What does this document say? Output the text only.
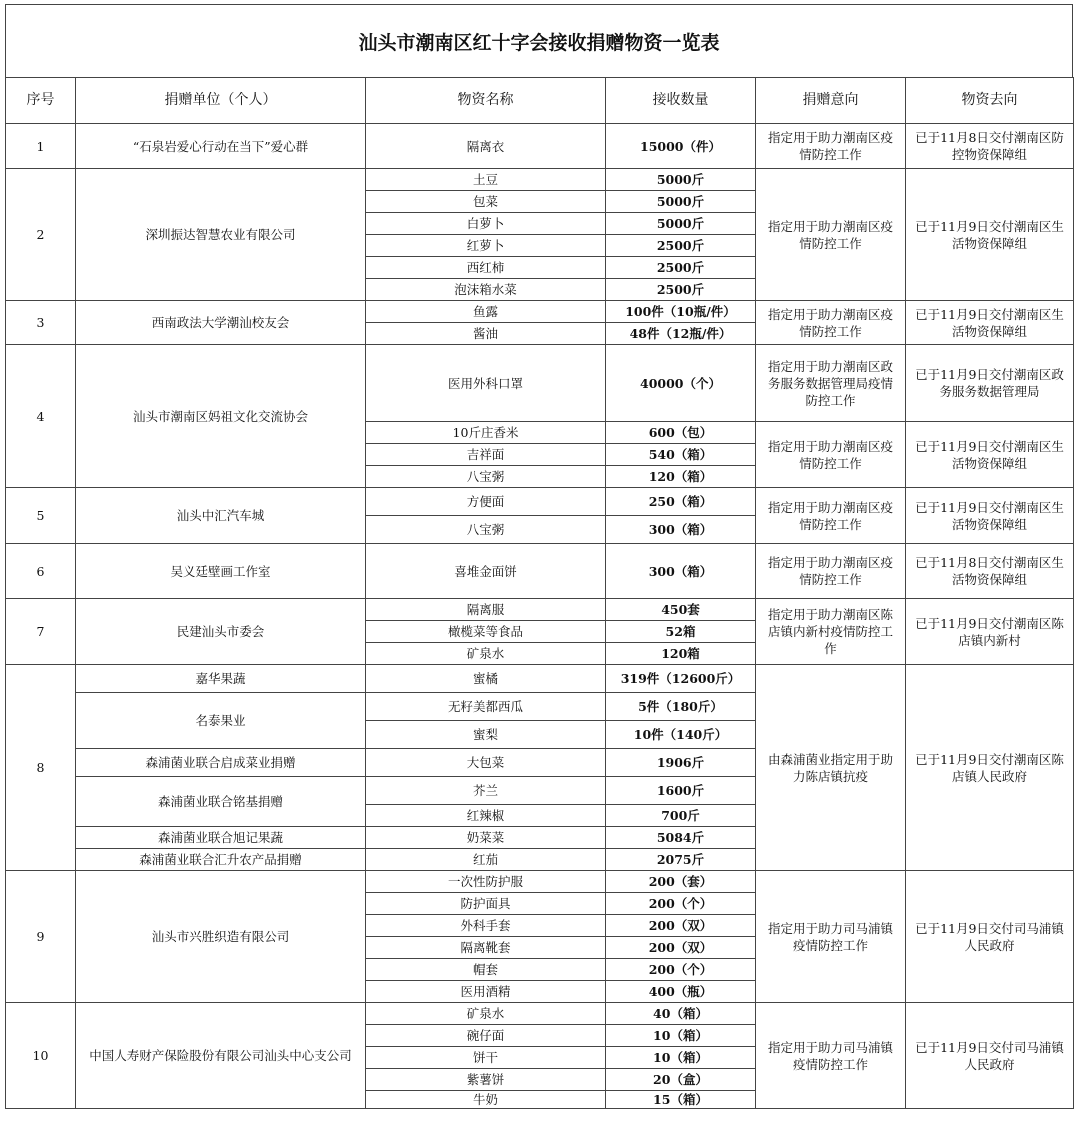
汕头市潮南区红十字会接收捐赠物资一览表
序号	捐赠单位（个人）	物资名称	接收数量	捐赠意向	物资去向
1	“石泉岩爱心行动在当下”爱心群	隔离衣	15000（件）	指定用于助力潮南区疫情防控工作	已于11月8日交付潮南区防控物资保障组
2	深圳振达智慧农业有限公司	土豆	5000斤	指定用于助力潮南区疫情防控工作	已于11月9日交付潮南区生活物资保障组
		包菜	5000斤		
		白萝卜	5000斤		
		红萝卜	2500斤		
		西红柿	2500斤		
		泡沫箱水菜	2500斤		
3	西南政法大学潮汕校友会	鱼露	100件（10瓶/件）	指定用于助力潮南区疫情防控工作	已于11月9日交付潮南区生活物资保障组
		酱油	48件（12瓶/件）		
4	汕头市潮南区妈祖文化交流协会	医用外科口罩	40000（个）	指定用于助力潮南区政务服务数据管理局疫情防控工作	已于11月9日交付潮南区政务服务数据管理局
		10斤庄香米	600（包）	指定用于助力潮南区疫情防控工作	已于11月9日交付潮南区生活物资保障组
		吉祥面	540（箱）		
		八宝粥	120（箱）		
5	汕头中汇汽车城	方便面	250（箱）	指定用于助力潮南区疫情防控工作	已于11月9日交付潮南区生活物资保障组
		八宝粥	300（箱）		
6	吴义廷壁画工作室	喜堆金面饼	300（箱）	指定用于助力潮南区疫情防控工作	已于11月8日交付潮南区生活物资保障组
7	民建汕头市委会	隔离服	450套	指定用于助力潮南区陈店镇内新村疫情防控工作	已于11月9日交付潮南区陈店镇内新村
		橄榄菜等食品	52箱		
		矿泉水	120箱		
8	嘉华果蔬	蜜橘	319件（12600斤）	由森浦菌业指定用于助力陈店镇抗疫	已于11月9日交付潮南区陈店镇人民政府
	名泰果业	无籽美都西瓜	5件（180斤）		
		蜜梨	10件（140斤）		
	森浦菌业联合启成菜业捐赠	大包菜	1906斤		
	森浦菌业联合铭基捐赠	芥兰	1600斤		
		红辣椒	700斤		
	森浦菌业联合旭记果蔬	奶菜菜	5084斤		
	森浦菌业联合汇升农产品捐赠	红茄	2075斤		
9	汕头市兴胜织造有限公司	一次性防护服	200（套）	指定用于助力司马浦镇疫情防控工作	已于11月9日交付司马浦镇人民政府
		防护面具	200（个）		
		外科手套	200（双）		
		隔离靴套	200（双）		
		帽套	200（个）		
		医用酒精	400（瓶）		
10	中国人寿财产保险股份有限公司汕头中心支公司	矿泉水	40（箱）	指定用于助力司马浦镇疫情防控工作	已于11月9日交付司马浦镇人民政府
		碗仔面	10（箱）		
		饼干	10（箱）		
		紫薯饼	20（盒）		
		牛奶	15（箱）		
